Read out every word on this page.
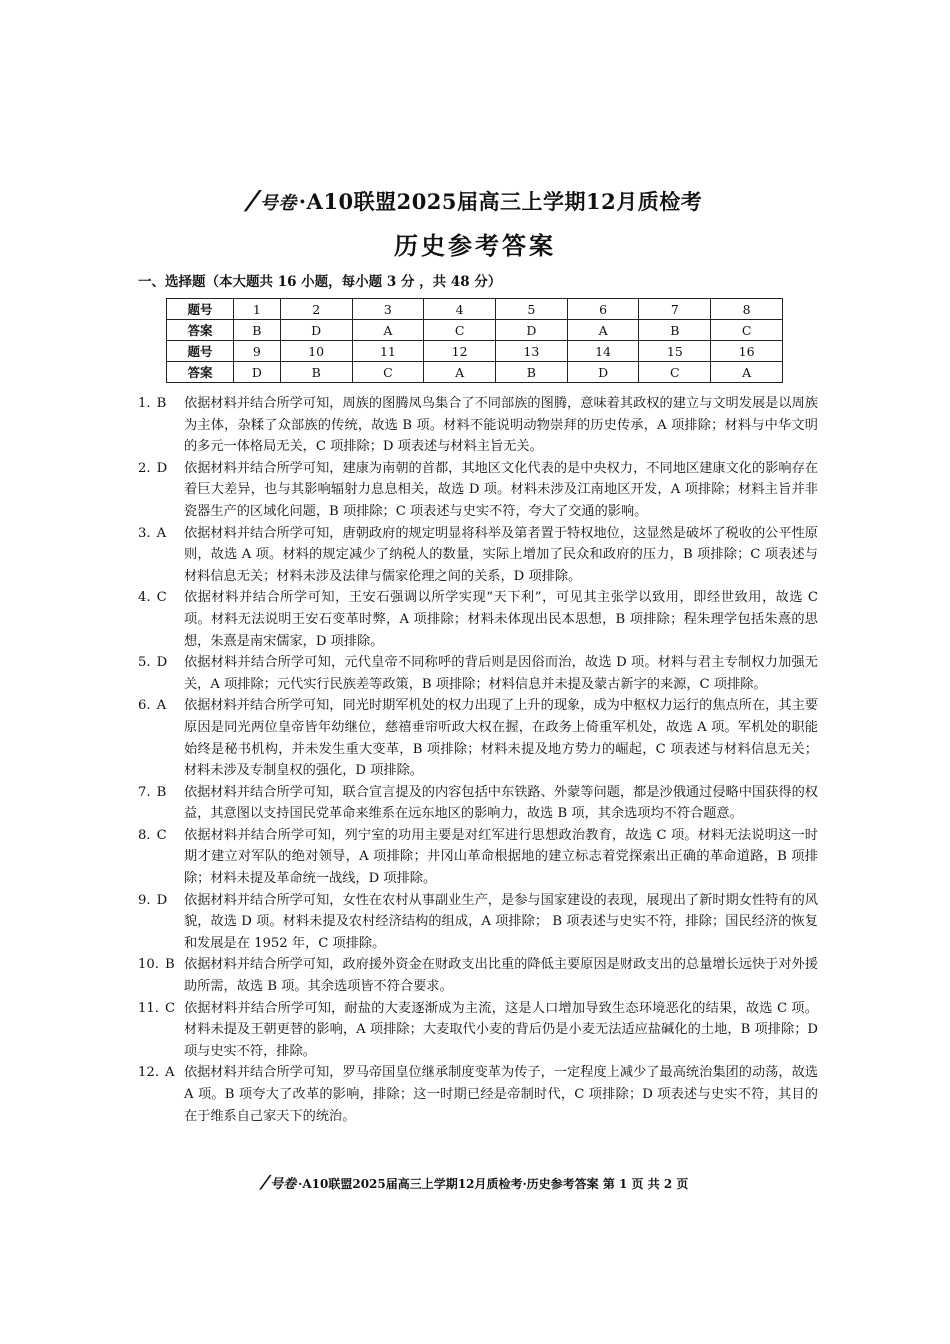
/号卷·A10联盟2025届高三上学期12月质检考
历史参考答案
一、选择题（本大题共 16 小题，每小题 3 分 ，共 48 分）
题号	1	2	3	4	5	6	7	8
答案	B	D	A	C	D	A	B	C
题号	9	10	11	12	13	14	15	16
答案	D	B	C	A	B	D	C	A
1. B	依据材料并结合所学可知，周族的图腾凤鸟集合了不同部族的图腾，意味着其政权的建立与文明发展是以周族为主体，杂糅了众部族的传统，故选 B 项。材料不能说明动物崇拜的历史传承，A 项排除；材料与中华文明的多元一体格局无关，C 项排除；D 项表述与材料主旨无关。
2. D	依据材料并结合所学可知，建康为南朝的首都，其地区文化代表的是中央权力，不同地区建康文化的影响存在着巨大差异，也与其影响辐射力息息相关，故选 D 项。材料未涉及江南地区开发，A 项排除；材料主旨并非瓷器生产的区域化问题，B 项排除；C 项表述与史实不符，夸大了交通的影响。
3. A	依据材料并结合所学可知，唐朝政府的规定明显将科举及第者置于特权地位，这显然是破坏了税收的公平性原则，故选 A 项。材料的规定减少了纳税人的数量，实际上增加了民众和政府的压力，B 项排除；C 项表述与材料信息无关；材料未涉及法律与儒家伦理之间的关系，D 项排除。
4. C	依据材料并结合所学可知，王安石强调以所学实现“天下利”，可见其主张学以致用，即经世致用，故选 C 项。材料无法说明王安石变革时弊，A 项排除；材料未体现出民本思想，B 项排除；程朱理学包括朱熹的思想，朱熹是南宋儒家，D 项排除。
5. D	依据材料并结合所学可知，元代皇帝不同称呼的背后则是因俗而治，故选 D 项。材料与君主专制权力加强无关，A 项排除；元代实行民族差等政策，B 项排除；材料信息并未提及蒙古新字的来源，C 项排除。
6. A	依据材料并结合所学可知，同光时期军机处的权力出现了上升的现象，成为中枢权力运行的焦点所在，其主要原因是同光两位皇帝皆年幼继位，慈禧垂帘听政大权在握，在政务上倚重军机处，故选 A 项。军机处的职能始终是秘书机构，并未发生重大变革，B 项排除；材料未提及地方势力的崛起，C 项表述与材料信息无关；材料未涉及专制皇权的强化，D 项排除。
7. B	依据材料并结合所学可知，联合宣言提及的内容包括中东铁路、外蒙等问题，都是沙俄通过侵略中国获得的权益，其意图以支持国民党革命来维系在远东地区的影响力，故选 B 项，其余选项均不符合题意。
8. C	依据材料并结合所学可知，列宁室的功用主要是对红军进行思想政治教育，故选 C 项。材料无法说明这一时期才建立对军队的绝对领导，A 项排除；井冈山革命根据地的建立标志着党探索出正确的革命道路，B 项排除；材料未提及革命统一战线，D 项排除。
9. D	依据材料并结合所学可知，女性在农村从事副业生产，是参与国家建设的表现，展现出了新时期女性特有的风貌，故选 D 项。材料未提及农村经济结构的组成，A 项排除； B 项表述与史实不符，排除；国民经济的恢复和发展是在 1952 年，C 项排除。
10. B 依据材料并结合所学可知，政府援外资金在财政支出比重的降低主要原因是财政支出的总量增长远快于对外援助所需，故选 B 项。其余选项皆不符合要求。
11. C 依据材料并结合所学可知，耐盐的大麦逐渐成为主流，这是人口增加导致生态环境恶化的结果，故选 C 项。材料未提及王朝更替的影响，A 项排除；大麦取代小麦的背后仍是小麦无法适应盐碱化的土地，B 项排除；D 项与史实不符，排除。
12. A 依据材料并结合所学可知，罗马帝国皇位继承制度变革为传子，一定程度上减少了最高统治集团的动荡，故选 A 项。B 项夸大了改革的影响，排除；这一时期已经是帝制时代，C 项排除；D 项表述与史实不符，其目的在于维系自己家天下的统治。
/号卷 ·A10联盟2025届高三上学期12月质检考·历史参考答案 第 1 页 共 2 页
